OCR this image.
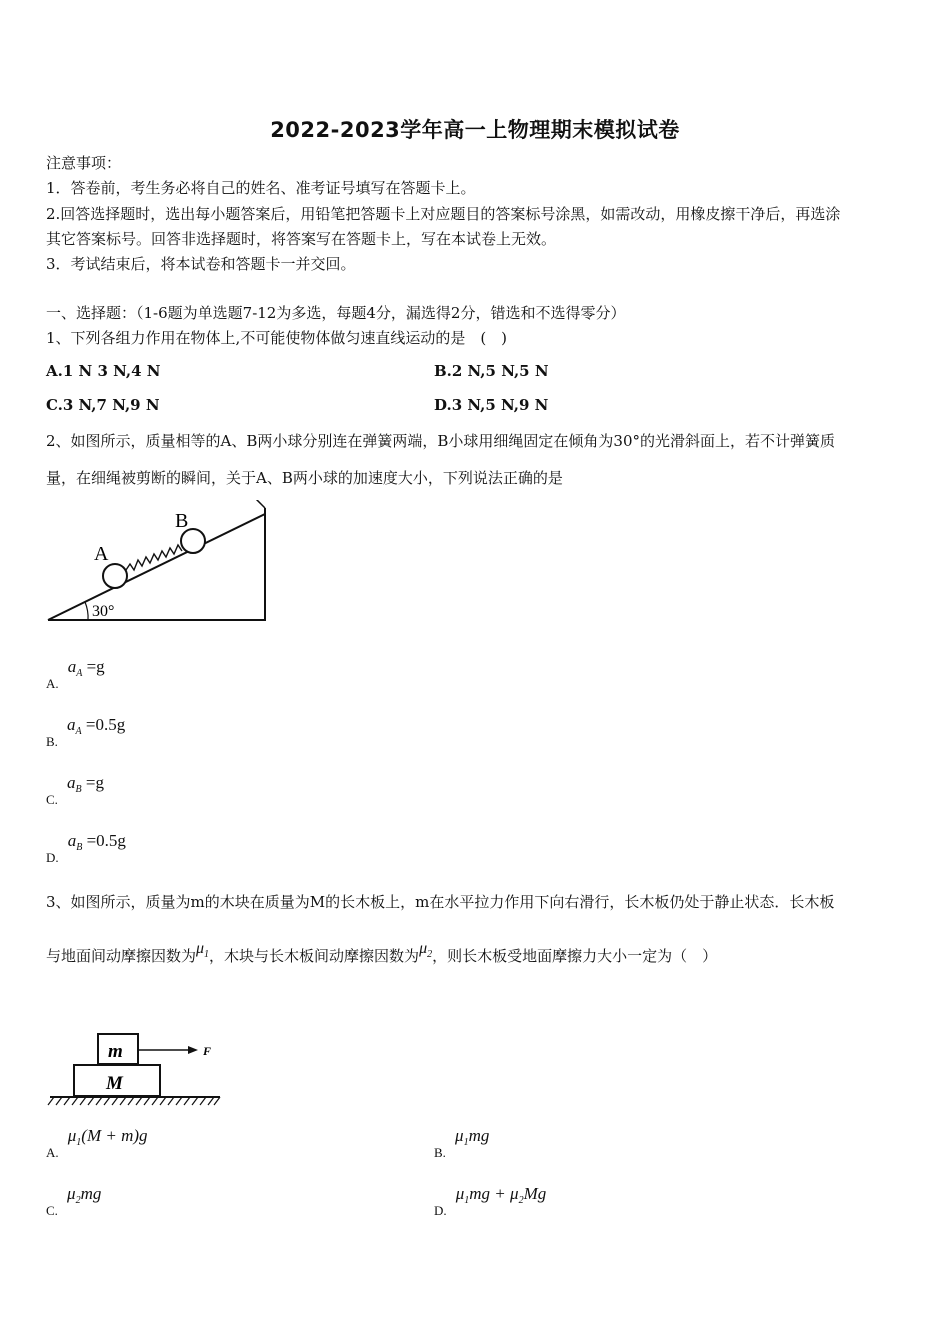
2022-2023学年高一上物理期末模拟试卷
注意事项：
1．答卷前，考生务必将自己的姓名、准考证号填写在答题卡上。
2.回答选择题时，选出每小题答案后，用铅笔把答题卡上对应题目的答案标号涂黑，如需改动，用橡皮擦干净后，再选涂
其它答案标号。回答非选择题时，将答案写在答题卡上，写在本试卷上无效。
3．考试结束后，将本试卷和答题卡一并交回。
一、选择题：（1-6题为单选题7-12为多选，每题4分，漏选得2分，错选和不选得零分）
1、下列各组力作用在物体上,不可能使物体做匀速直线运动的是　(　)
A.1 N 3 N,4 N	B.2 N,5 N,5 N
C.3 N,7 N,9 N	D.3 N,5 N,9 N
2、如图所示，质量相等的A、B两小球分别连在弹簧两端，B小球用细绳固定在倾角为30°的光滑斜面上，若不计弹簧质
量，在细绳被剪断的瞬间，关于A、B两小球的加速度大小，下列说法正确的是
30°
A
B
$_{A.}$ $a_A =g$
$_{B.}$ $a_A =0.5g$
$_{C.}$ $a_B =g$
$_{D.}$ $a_B =0.5g$
3、如图所示，质量为m的木块在质量为M的长木板上，m在水平拉力作用下向右滑行，长木板仍处于静止状态．长木板
与地面间动摩擦因数为$\mu_1$，木块与长木板间动摩擦因数为$\mu_2$，则长木板受地面摩擦力大小一定为（　）
m
M
F
$_{A.}$ $\mu_1(M + m)g$
$_{B.}$ $\mu_1mg$
$_{C.}$ $\mu_2mg$
$_{D.}$ $\mu_1mg + \mu_2Mg$
